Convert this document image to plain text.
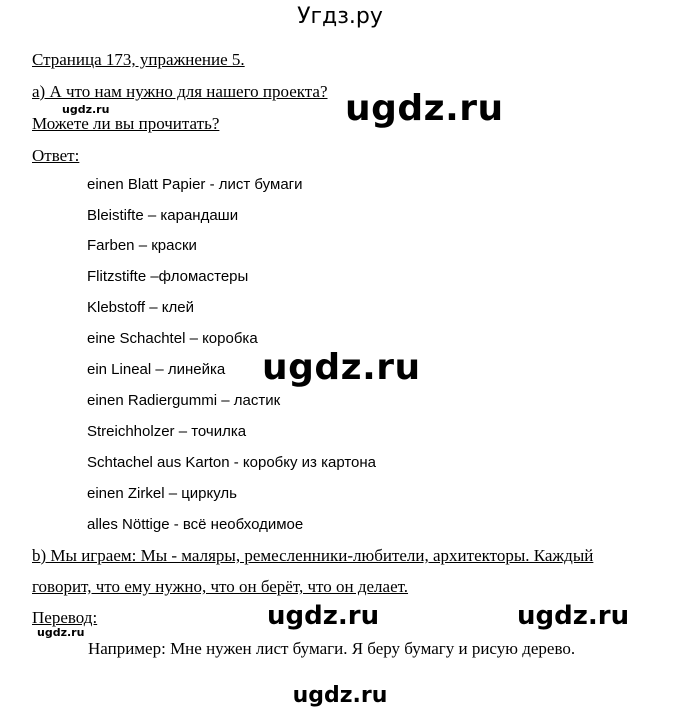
Угдз.ру
Страница 173, упражнение 5.
а) А что нам нужно для нашего проекта?
ugdz.ru
Можете ли вы прочитать?	ugdz.ru
Ответ:
einen Blatt Papier - лист бумаги
Bleistifte – карандаши
Farben – краски
Flitzstifte –фломастеры
Klebstoff – клей
eine Schachtel – коробка
ein Lineal – линейка
einen Radiergummi – ластик
Streichholzer – точилка
Schtachel aus Karton - коробку из картона
einen Zirkel – циркуль
alles Nöttige - всё необходимое
ugdz.ru
b) Мы играем: Мы - маляры, ремесленники-любители, архитекторы. Каждый
говорит, что ему нужно, что он берёт, что он делает.
Перевод:
ugdz.ru
ugdz.ru	ugdz.ru
Например: Мне нужен лист бумаги. Я беру бумагу и рисую дерево.
ugdz.ru
